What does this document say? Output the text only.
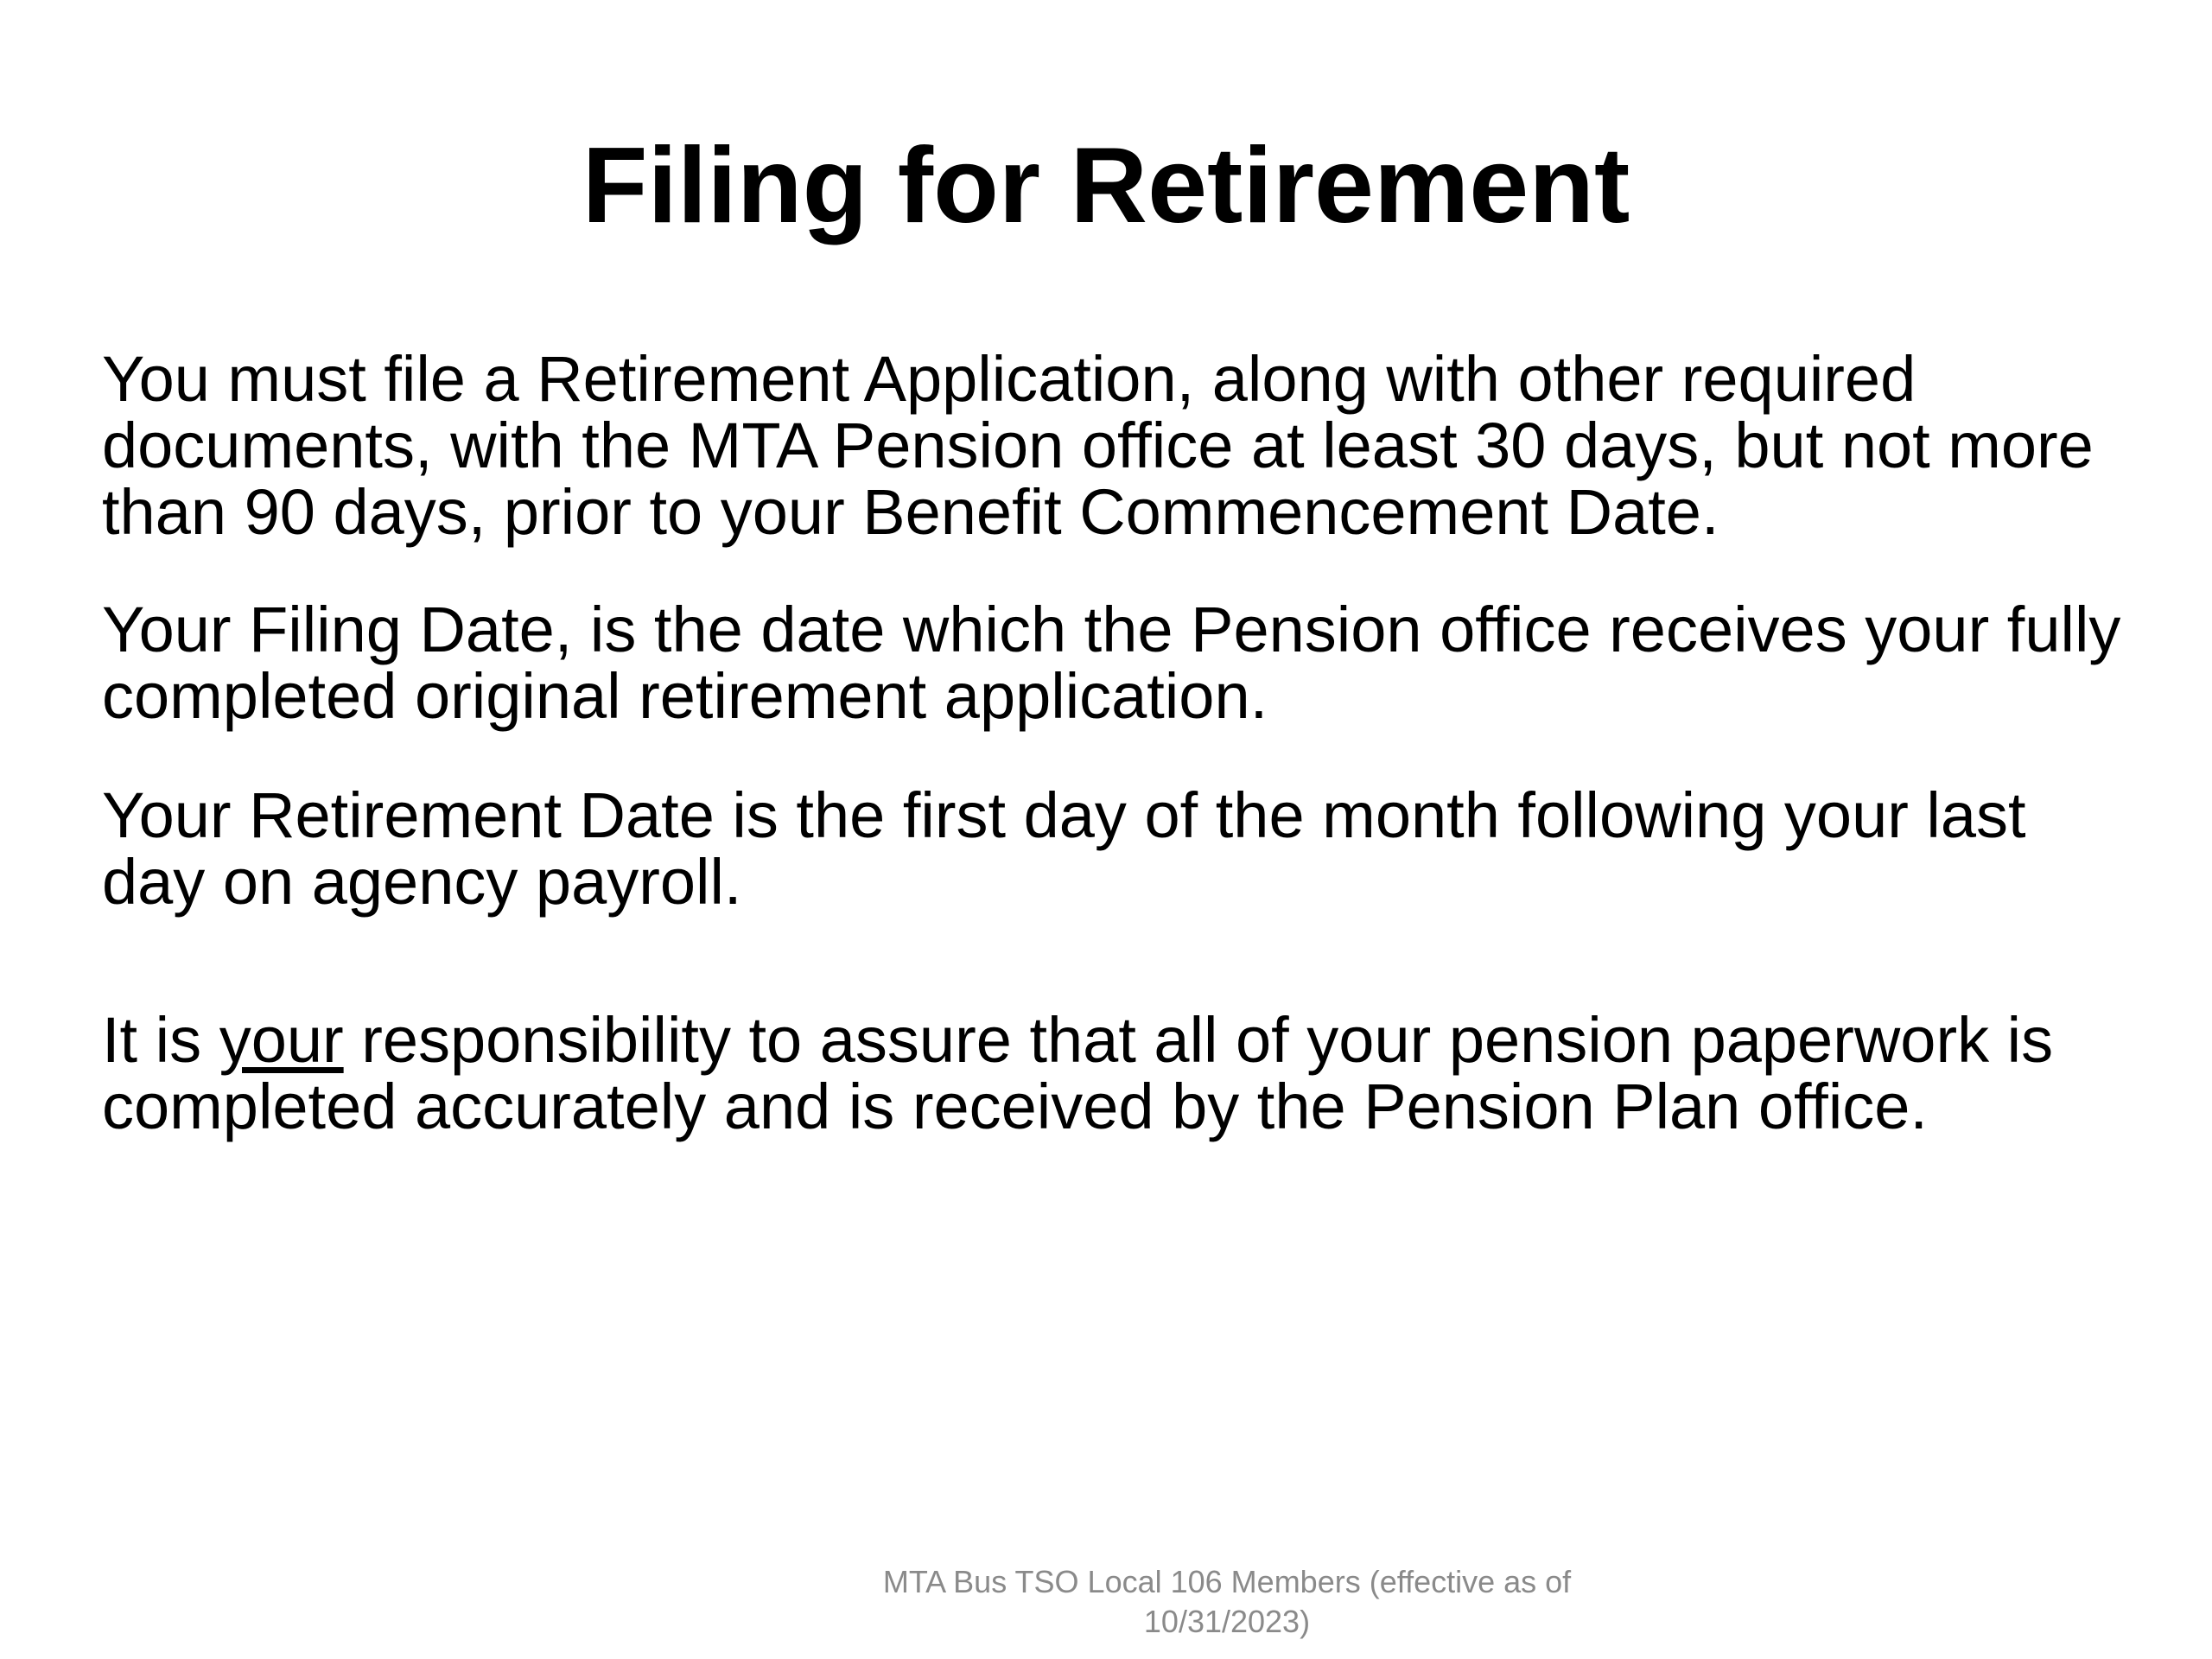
Filing for Retirement

You must file a Retirement Application, along with other required documents, with the MTA Pension office at least 30 days, but not more than 90 days, prior to your Benefit Commencement Date.

Your Filing Date, is the date which the Pension office receives your fully completed original retirement application.

Your Retirement Date is the first day of the month following your last day on agency payroll.

It is your responsibility to assure that all of your pension paperwork is completed accurately and is received by the Pension Plan office.

MTA Bus TSO Local 106 Members (effective as of
10/31/2023)
